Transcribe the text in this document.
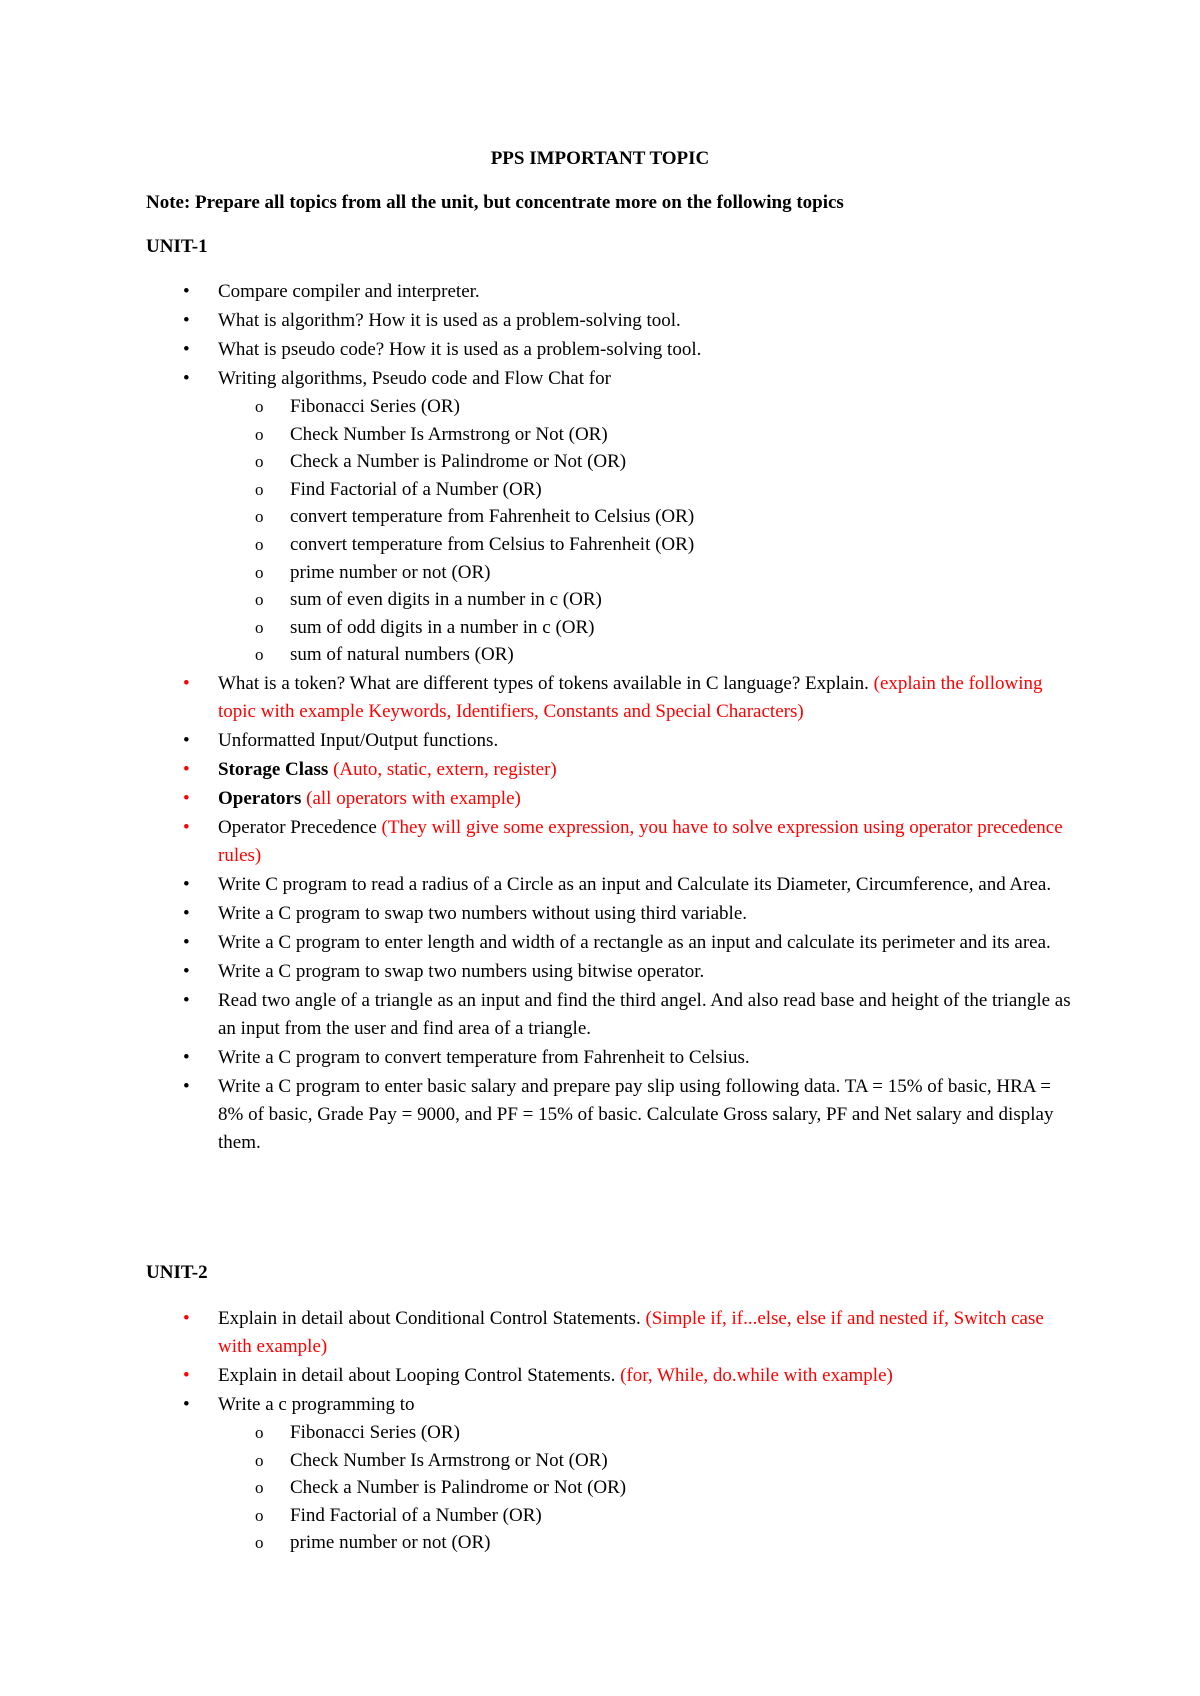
PPS IMPORTANT TOPIC
Note: Prepare all topics from all the unit, but concentrate more on the following topics
UNIT-1
• Compare compiler and interpreter.
• What is algorithm? How it is used as a problem-solving tool.
• What is pseudo code? How it is used as a problem-solving tool.
• Writing algorithms, Pseudo code and Flow Chat for
o Fibonacci Series (OR)
o Check Number Is Armstrong or Not (OR)
o Check a Number is Palindrome or Not (OR)
o Find Factorial of a Number (OR)
o convert temperature from Fahrenheit to Celsius (OR)
o convert temperature from Celsius to Fahrenheit (OR)
o prime number or not (OR)
o sum of even digits in a number in c (OR)
o sum of odd digits in a number in c (OR)
o sum of natural numbers (OR)
• What is a token? What are different types of tokens available in C language? Explain. (explain the following topic with example Keywords, Identifiers, Constants and Special Characters)
• Unformatted Input/Output functions.
• Storage Class (Auto, static, extern, register)
• Operators (all operators with example)
• Operator Precedence (They will give some expression, you have to solve expression using operator precedence rules)
• Write C program to read a radius of a Circle as an input and Calculate its Diameter, Circumference, and Area.
• Write a C program to swap two numbers without using third variable.
• Write a C program to enter length and width of a rectangle as an input and calculate its perimeter and its area.
• Write a C program to swap two numbers using bitwise operator.
• Read two angle of a triangle as an input and find the third angel. And also read base and height of the triangle as an input from the user and find area of a triangle.
• Write a C program to convert temperature from Fahrenheit to Celsius.
• Write a C program to enter basic salary and prepare pay slip using following data. TA = 15% of basic, HRA = 8% of basic, Grade Pay = 9000, and PF = 15% of basic. Calculate Gross salary, PF and Net salary and display them.
UNIT-2
• Explain in detail about Conditional Control Statements. (Simple if, if...else, else if and nested if, Switch case with example)
• Explain in detail about Looping Control Statements. (for, While, do.while with example)
• Write a c programming to
o Fibonacci Series (OR)
o Check Number Is Armstrong or Not (OR)
o Check a Number is Palindrome or Not (OR)
o Find Factorial of a Number (OR)
o prime number or not (OR)
